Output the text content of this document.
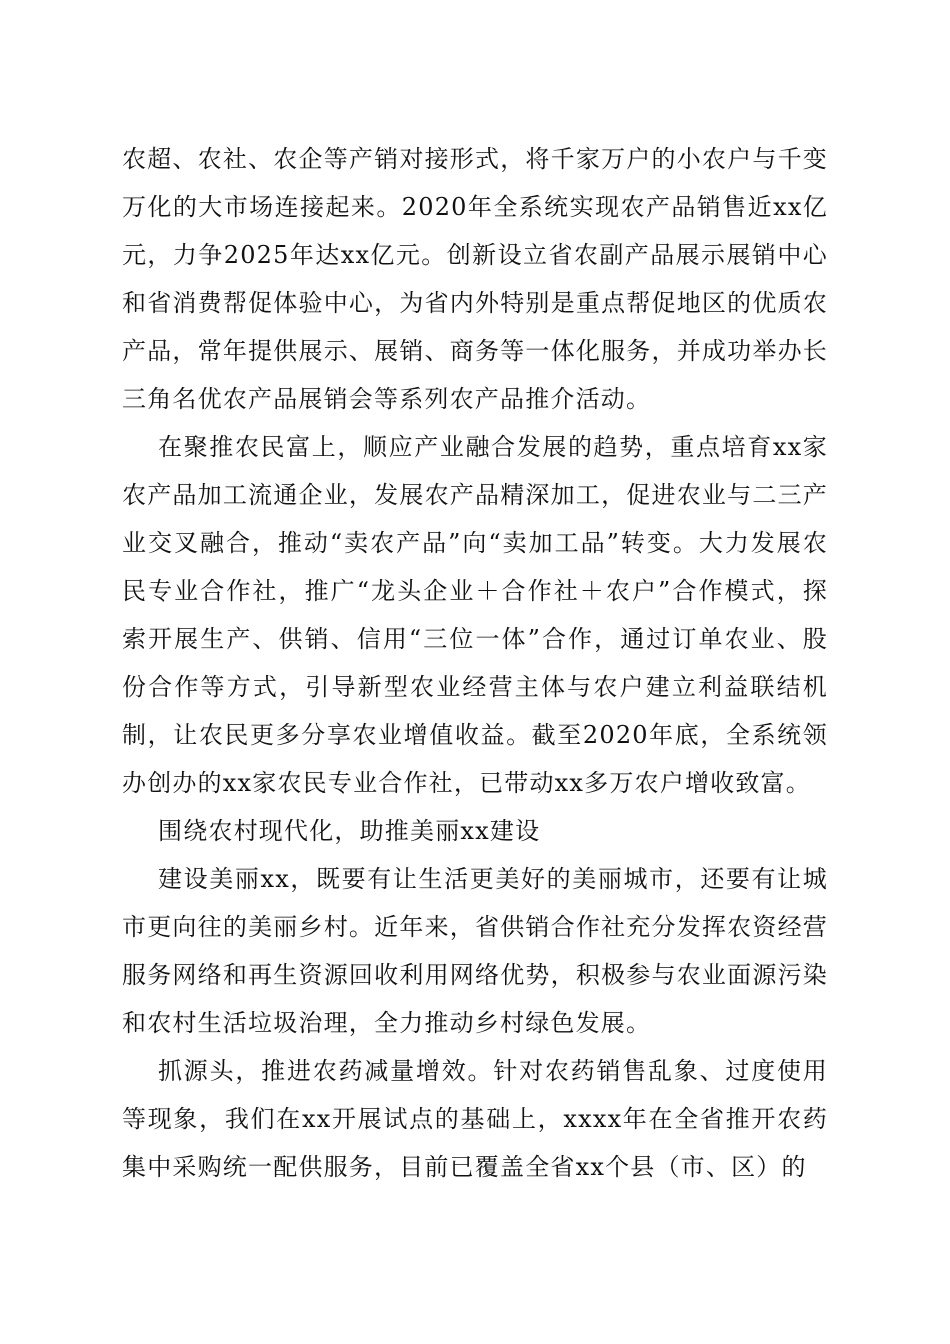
农超、农社、农企等产销对接形式，将千家万户的小农户与千变万化的大市场连接起来。2020年全系统实现农产品销售近xx亿元，力争2025年达xx亿元。创新设立省农副产品展示展销中心和省消费帮促体验中心，为省内外特别是重点帮促地区的优质农产品，常年提供展示、展销、商务等一体化服务，并成功举办长三角名优农产品展销会等系列农产品推介活动。

在聚推农民富上，顺应产业融合发展的趋势，重点培育xx家农产品加工流通企业，发展农产品精深加工，促进农业与二三产业交叉融合，推动“卖农产品”向“卖加工品”转变。大力发展农民专业合作社，推广“龙头企业＋合作社＋农户”合作模式，探索开展生产、供销、信用“三位一体”合作，通过订单农业、股份合作等方式，引导新型农业经营主体与农户建立利益联结机制，让农民更多分享农业增值收益。截至2020年底，全系统领办创办的xx家农民专业合作社，已带动xx多万农户增收致富。

围绕农村现代化，助推美丽xx建设

建设美丽xx，既要有让生活更美好的美丽城市，还要有让城市更向往的美丽乡村。近年来，省供销合作社充分发挥农资经营服务网络和再生资源回收利用网络优势，积极参与农业面源污染和农村生活垃圾治理，全力推动乡村绿色发展。

抓源头，推进农药减量增效。针对农药销售乱象、过度使用等现象，我们在xx开展试点的基础上，xxxx年在全省推开农药集中采购统一配供服务，目前已覆盖全省xx个县（市、区）的
